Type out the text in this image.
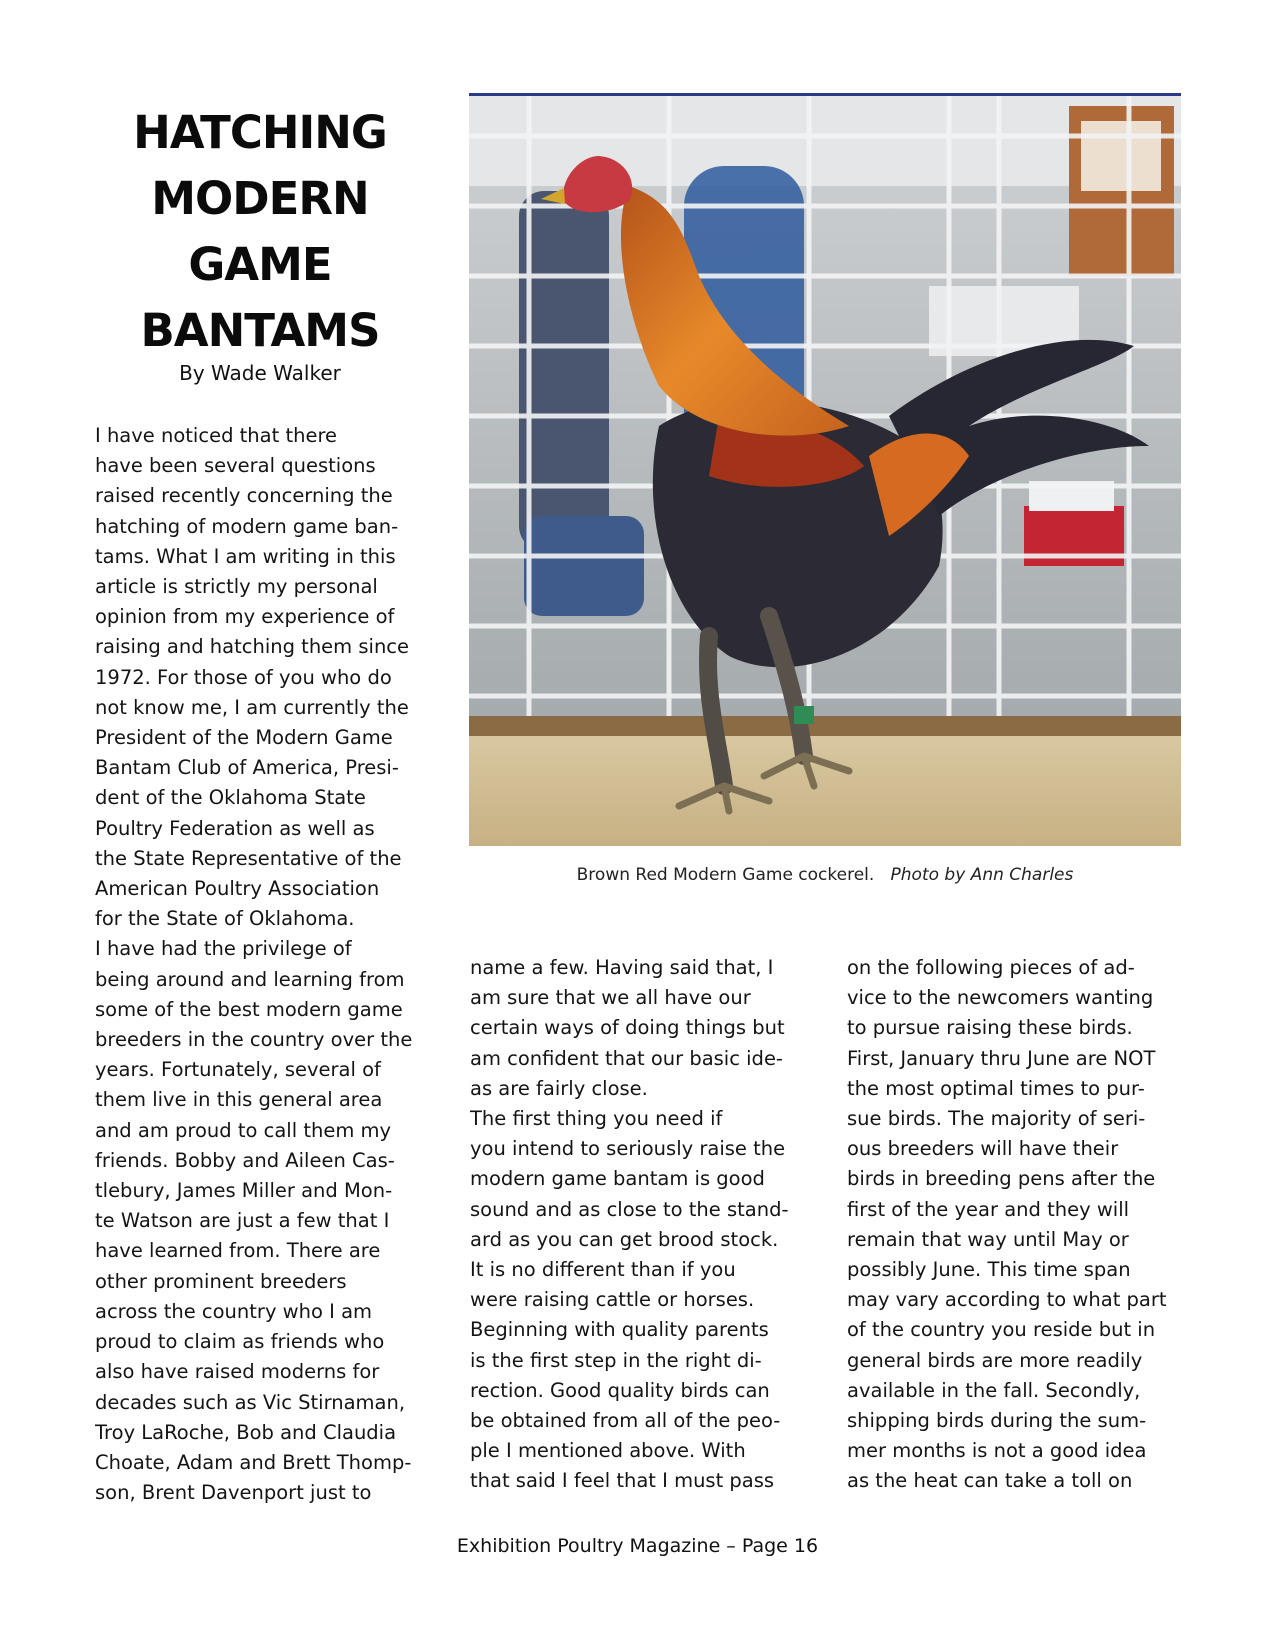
HATCHING
MODERN
GAME
BANTAMS
By Wade Walker

I have noticed that there

have been several questions

raised recently concerning the

hatching of modern game ban-

tams. What I am writing in this

article is strictly my personal

opinion from my experience of

raising and hatching them since

1972. For those of you who do

not know me, I am currently the

President of the Modern Game

Bantam Club of America, Presi-

dent of the Oklahoma State

Poultry Federation as well as

the State Representative of the

American Poultry Association

for the State of Oklahoma.

I have had the privilege of

being around and learning from

some of the best modern game

breeders in the country over the

years. Fortunately, several of

them live in this general area

and am proud to call them my

friends. Bobby and Aileen Cas-

tlebury, James Miller and Mon-

te Watson are just a few that I

have learned from. There are

other prominent breeders

across the country who I am

proud to claim as friends who

also have raised moderns for

decades such as Vic Stirnaman,

Troy LaRoche, Bob and Claudia

Choate, Adam and Brett Thomp-

son, Brent Davenport just to

Brown Red Modern Game cockerel. Photo by Ann Charles

name a few. Having said that, I

am sure that we all have our

certain ways of doing things but

am confident that our basic ide-

as are fairly close.

The first thing you need if

you intend to seriously raise the

modern game bantam is good

sound and as close to the stand-

ard as you can get brood stock.

It is no different than if you

were raising cattle or horses.

Beginning with quality parents

is the first step in the right di-

rection. Good quality birds can

be obtained from all of the peo-

ple I mentioned above. With

that said I feel that I must pass

on the following pieces of ad-

vice to the newcomers wanting

to pursue raising these birds.

First, January thru June are NOT

the most optimal times to pur-

sue birds. The majority of seri-

ous breeders will have their

birds in breeding pens after the

first of the year and they will

remain that way until May or

possibly June. This time span

may vary according to what part

of the country you reside but in

general birds are more readily

available in the fall. Secondly,

shipping birds during the sum-

mer months is not a good idea

as the heat can take a toll on

Exhibition Poultry Magazine – Page 16
